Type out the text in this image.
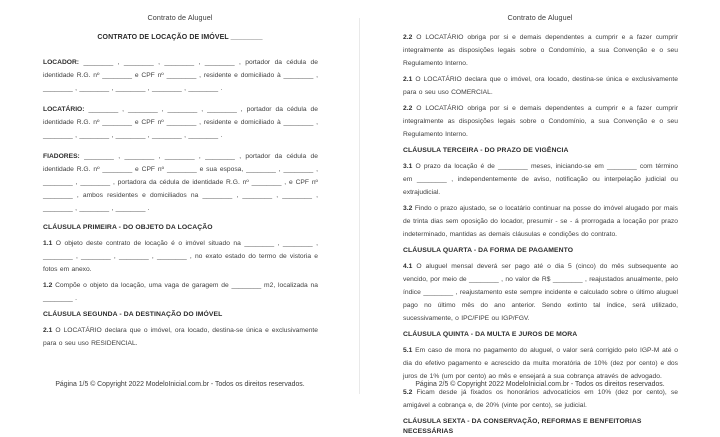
Contrato de Aluguel
CONTRATO DE LOCAÇÃO DE IMÓVEL ________

LOCADOR: ________ , ________ , ________ , ________ , portador da cédula de identidade R.G. nº ________ e CPF nº ________ , residente e domiciliado à ________ , ________ , ________ , ________ , ________ , ________ .

LOCATÁRIO: ________ , ________ , ________ , ________ , portador da cédula de identidade R.G. nº ________ e CPF nº ________ , residente e domiciliado à ________ , ________ , ________ , ________ , ________ , ________ .

FIADORES: ________ , ________ , ________ , ________ , portador da cédula de identidade R.G. nº ________ e CPF nº ________ e sua esposa, ________ , ________ , ________ , ________ , portadora da cédula de identidade R.G. nº ________ , e CPF nº ________ , ambos residentes e domiciliados na ________ , ________ , ________ , ________ , ________ , ________ .

CLÁUSULA PRIMEIRA - DO OBJETO DA LOCAÇÃO

1.1 O objeto deste contrato de locação é o imóvel situado na ________ , ________ , ________ , ________ , ________ , ________ , no exato estado do termo de vistoria e fotos em anexo.

1.2 Compõe o objeto da locação, uma vaga de garagem de ________ m2, localizada na ________ .

CLÁUSULA SEGUNDA - DA DESTINAÇÃO DO IMÓVEL

2.1 O LOCATÁRIO declara que o imóvel, ora locado, destina-se única e exclusivamente para o seu uso RESIDENCIAL.

Página 1/5 © Copyright 2022 ModeloInicial.com.br - Todos os direitos reservados.
Contrato de Aluguel

2.2 O LOCATÁRIO obriga por si e demais dependentes a cumprir e a fazer cumprir integralmente as disposições legais sobre o Condomínio, a sua Convenção e o seu Regulamento Interno.

2.1 O LOCATÁRIO declara que o imóvel, ora locado, destina-se única e exclusivamente para o seu uso COMERCIAL.

2.2 O LOCATÁRIO obriga por si e demais dependentes a cumprir e a fazer cumprir integralmente as disposições legais sobre o Condomínio, a sua Convenção e o seu Regulamento Interno.

CLÁUSULA TERCEIRA - DO PRAZO DE VIGÊNCIA

3.1 O prazo da locação é de ________ meses, iniciando-se em ________ com término em ________ , independentemente de aviso, notificação ou interpelação judicial ou extrajudicial.

3.2 Findo o prazo ajustado, se o locatário continuar na posse do imóvel alugado por mais de trinta dias sem oposição do locador, presumir - se - á prorrogada a locação por prazo indeterminado, mantidas as demais cláusulas e condições do contrato.

CLÁUSULA QUARTA - DA FORMA DE PAGAMENTO

4.1 O aluguel mensal deverá ser pago até o dia 5 (cinco) do mês subsequente ao vencido, por meio de ________ , no valor de R$ ________ , reajustados anualmente, pelo índice ________ , reajustamento este sempre incidente e calculado sobre o último aluguel pago no último mês do ano anterior. Sendo extinto tal índice, será utilizado, sucessivamente, o IPC/FIPE ou IGP/FGV.

CLÁUSULA QUINTA - DA MULTA E JUROS DE MORA

5.1 Em caso de mora no pagamento do aluguel, o valor será corrigido pelo IGP-M até o dia do efetivo pagamento e acrescido da multa moratória de 10% (dez por cento) e dos juros de 1% (um por cento) ao mês e ensejará a sua cobrança através de advogado.

5.2 Ficam desde já fixados os honorários advocatícios em 10% (dez por cento), se amigável a cobrança e, de 20% (vinte por cento), se judicial.

CLÁUSULA SEXTA - DA CONSERVAÇÃO, REFORMAS E BENFEITORIAS NECESSÁRIAS
Página 2/5 © Copyright 2022 ModeloInicial.com.br - Todos os direitos reservados.
